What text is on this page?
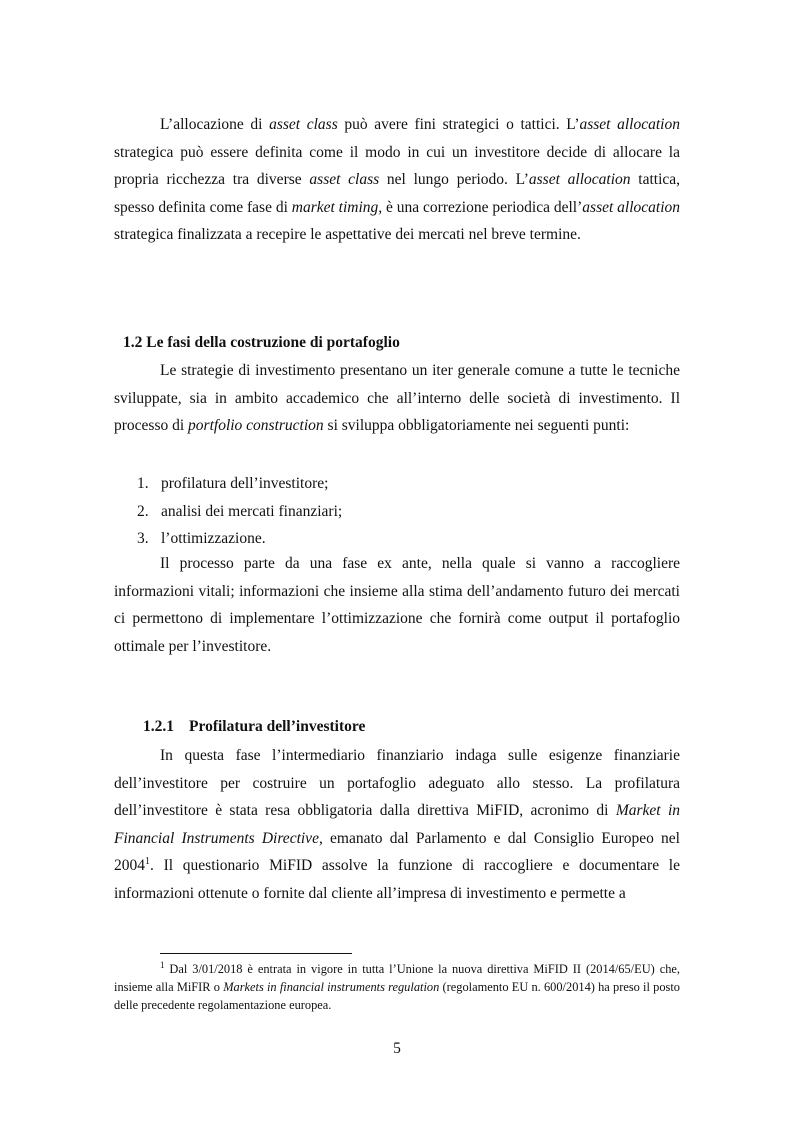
L’allocazione di asset class può avere fini strategici o tattici. L’asset allocation strategica può essere definita come il modo in cui un investitore decide di allocare la propria ricchezza tra diverse asset class nel lungo periodo. L’asset allocation tattica, spesso definita come fase di market timing, è una correzione periodica dell’asset allocation strategica finalizzata a recepire le aspettative dei mercati nel breve termine.

1.2 Le fasi della costruzione di portafoglio

Le strategie di investimento presentano un iter generale comune a tutte le tecniche sviluppate, sia in ambito accademico che all’interno delle società di investimento. Il processo di portfolio construction si sviluppa obbligatoriamente nei seguenti punti:

1. profilatura dell’investitore;
2. analisi dei mercati finanziari;
3. l’ottimizzazione.

Il processo parte da una fase ex ante, nella quale si vanno a raccogliere informazioni vitali; informazioni che insieme alla stima dell’andamento futuro dei mercati ci permettono di implementare l’ottimizzazione che fornirà come output il portafoglio ottimale per l’investitore.

1.2.1 Profilatura dell’investitore

In questa fase l’intermediario finanziario indaga sulle esigenze finanziarie dell’investitore per costruire un portafoglio adeguato allo stesso. La profilatura dell’investitore è stata resa obbligatoria dalla direttiva MiFID, acronimo di Market in Financial Instruments Directive, emanato dal Parlamento e dal Consiglio Europeo nel 2004$^1$. Il questionario MiFID assolve la funzione di raccogliere e documentare le informazioni ottenute o fornite dal cliente all’impresa di investimento e permette a

$^1$ Dal 3/01/2018 è entrata in vigore in tutta l’Unione la nuova direttiva MiFID II (2014/65/EU) che, insieme alla MiFIR o Markets in financial instruments regulation (regolamento EU n. 600/2014) ha preso il posto delle precedente regolamentazione europea.

5
